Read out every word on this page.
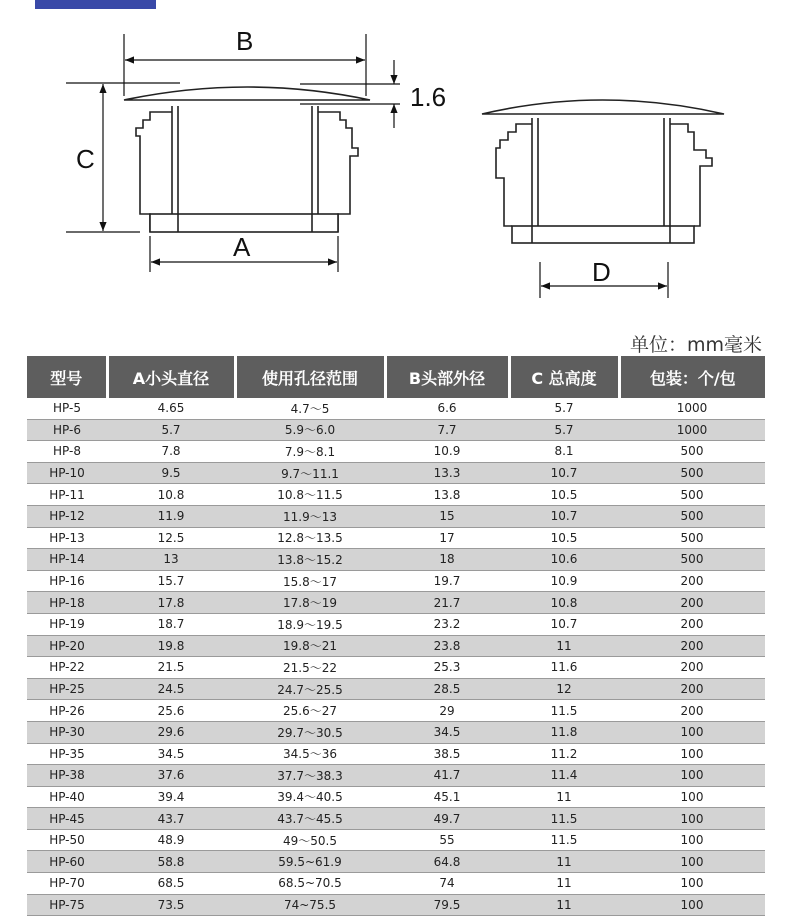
B
1.6
C
A
D
单位：mm毫米
型号	A小头直径	使用孔径范围	B头部外径	C 总高度	包装：个/包
HP-5	4.65	4.7～5	6.6	5.7	1000
HP-6	5.7	5.9～6.0	7.7	5.7	1000
HP-8	7.8	7.9～8.1	10.9	8.1	500
HP-10	9.5	9.7～11.1	13.3	10.7	500
HP-11	10.8	10.8～11.5	13.8	10.5	500
HP-12	11.9	11.9～13	15	10.7	500
HP-13	12.5	12.8～13.5	17	10.5	500
HP-14	13	13.8～15.2	18	10.6	500
HP-16	15.7	15.8～17	19.7	10.9	200
HP-18	17.8	17.8～19	21.7	10.8	200
HP-19	18.7	18.9～19.5	23.2	10.7	200
HP-20	19.8	19.8～21	23.8	11	200
HP-22	21.5	21.5～22	25.3	11.6	200
HP-25	24.5	24.7～25.5	28.5	12	200
HP-26	25.6	25.6～27	29	11.5	200
HP-30	29.6	29.7～30.5	34.5	11.8	100
HP-35	34.5	34.5～36	38.5	11.2	100
HP-38	37.6	37.7～38.3	41.7	11.4	100
HP-40	39.4	39.4～40.5	45.1	11	100
HP-45	43.7	43.7～45.5	49.7	11.5	100
HP-50	48.9	49～50.5	55	11.5	100
HP-60	58.8	59.5~61.9	64.8	11	100
HP-70	68.5	68.5~70.5	74	11	100
HP-75	73.5	74~75.5	79.5	11	100
